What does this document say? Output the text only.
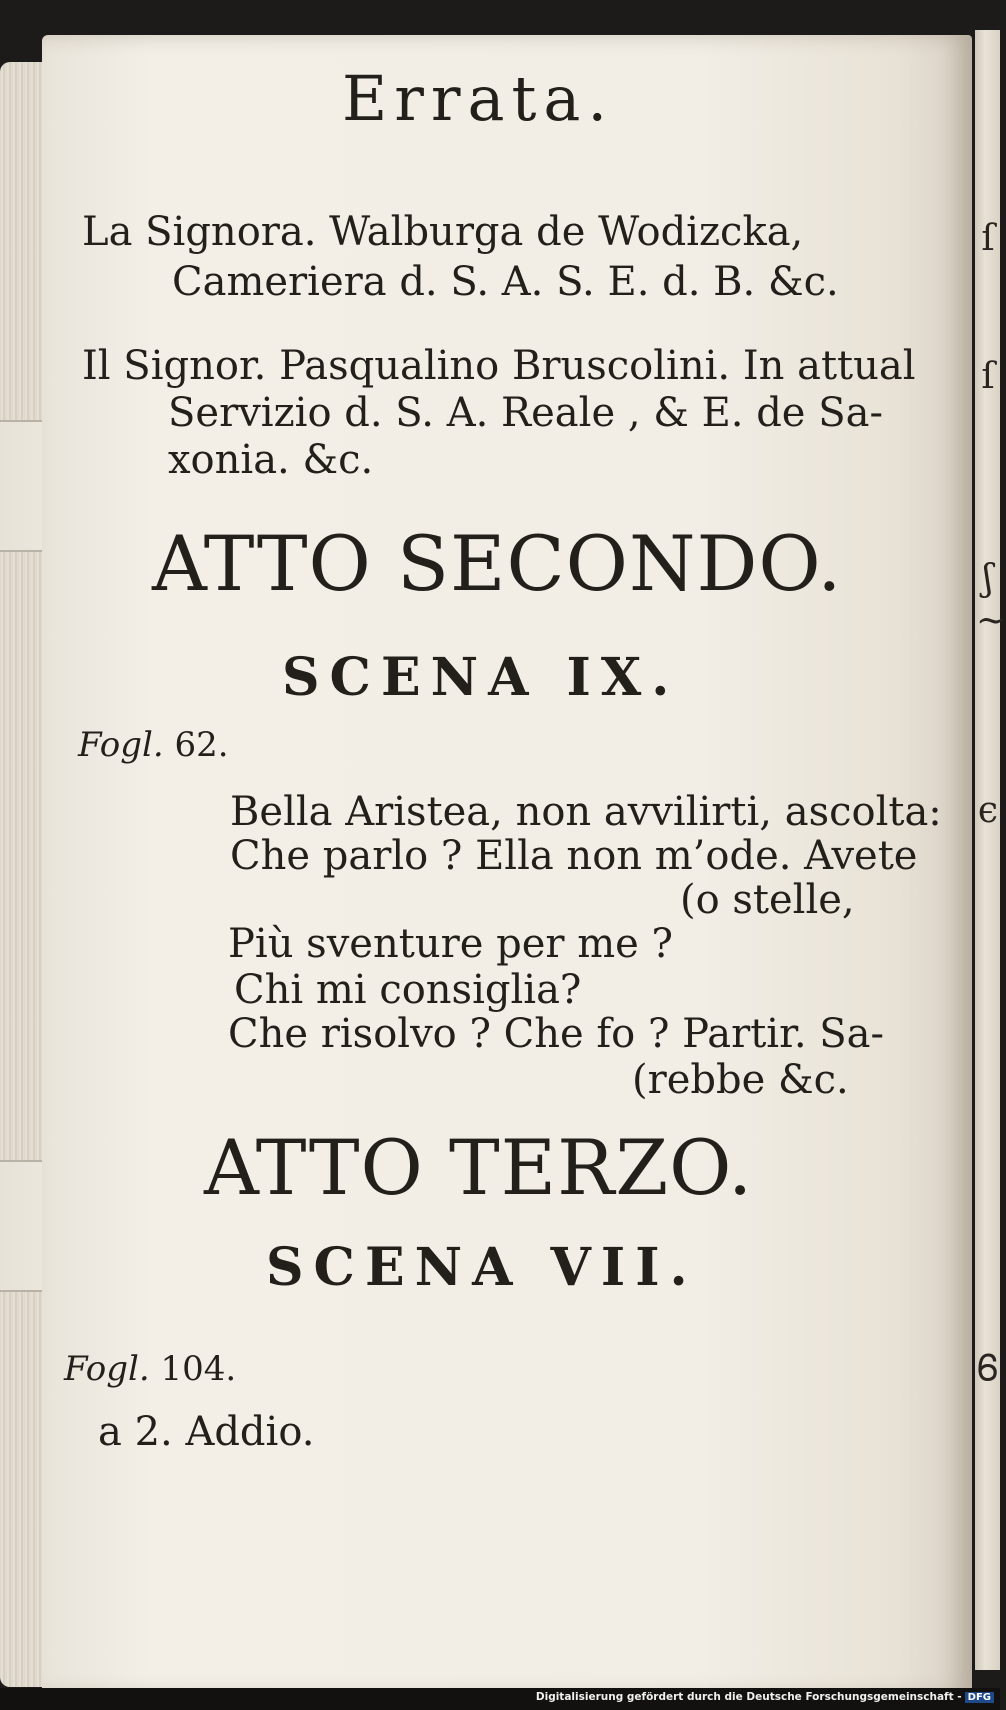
ſ
ſ
ʃ
~
ϵ
Ꮾ
Errata.
La Signora. Walburga de Wodizcka,
Cameriera d. S. A. S. E. d. B. &c.
Il Signor. Pasqualino Bruscolini. In attual
Servizio d. S. A. Reale , & E. de Sa-
xonia. &c.
ATTO SECONDO.
SCENA IX.
Fogl. 62.
Bella Aristea, non avvilirti, ascolta:
Che parlo ? Ella non m’ode. Avete
(o stelle,
Più sventure per me ?
Chi mi consiglia?
Che risolvo ? Che fo ? Partir. Sa-
(rebbe &c.
ATTO TERZO.
SCENA VII.
Fogl. 104.
a 2. Addio.
Digitalisierung gefördert durch die Deutsche Forschungsgemeinschaft - DFG
